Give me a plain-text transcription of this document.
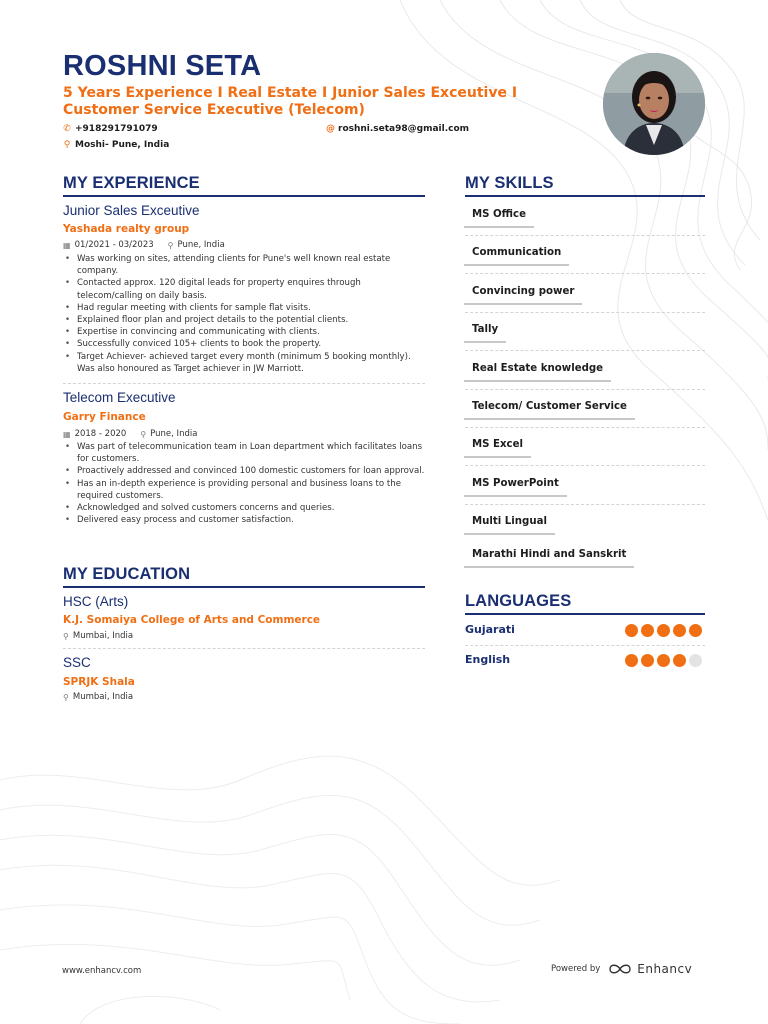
ROSHNI SETA
5 Years Experience I Real Estate I Junior Sales Exceutive I Customer Service Executive (Telecom)
✆ +918291791079	@ roshni.seta98@gmail.com
⚲ Moshi- Pune, India
MY EXPERIENCE
Junior Sales Exceutive
Yashada realty group
▦ 01/2021 - 03/2023 ⚲ Pune, India
• Was working on sites, attending clients for Pune's well known real estate company.
• Contacted approx. 120 digital leads for property enquires through telecom/calling on daily basis.
• Had regular meeting with clients for sample flat visits.
• Explained floor plan and project details to the potential clients.
• Expertise in convincing and communicating with clients.
• Successfully conviced 105+ clients to book the property.
• Target Achiever- achieved target every month (minimum 5 booking monthly). Was also honoured as Target achiever in JW Marriott.
Telecom Executive
Garry Finance
▦ 2018 - 2020 ⚲ Pune, India
• Was part of telecommunication team in Loan department which facilitates loans for customers.
• Proactively addressed and convinced 100 domestic customers for loan approval.
• Has an in-depth experience is providing personal and business loans to the required customers.
• Acknowledged and solved customers concerns and queries.
• Delivered easy process and customer satisfaction.
MY EDUCATION
HSC (Arts)
K.J. Somaiya College of Arts and Commerce
⚲ Mumbai, India
SSC
SPRJK Shala
⚲ Mumbai, India
MY SKILLS
MS Office
Communication
Convincing power
Tally
Real Estate knowledge
Telecom/ Customer Service
MS Excel
MS PowerPoint
Multi Lingual
Marathi Hindi and Sanskrit
LANGUAGES
Gujarati
English
www.enhancv.com	Powered by	Enhancv
